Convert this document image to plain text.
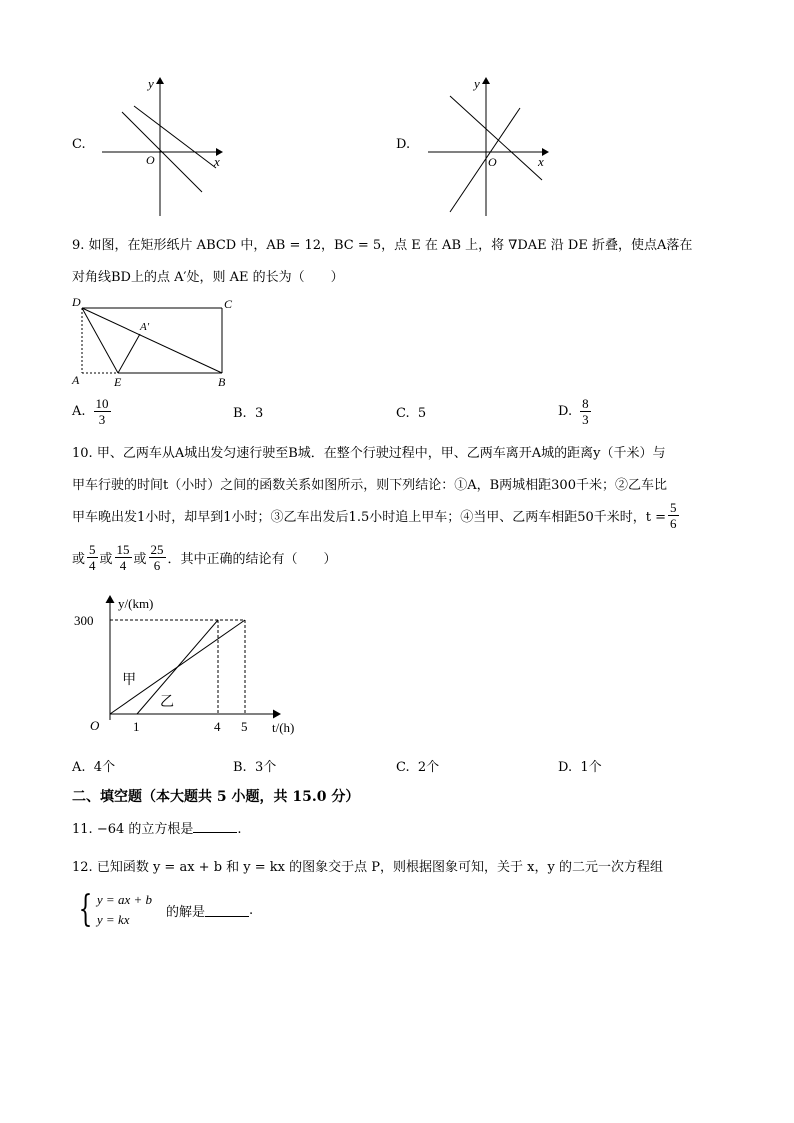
C.
O	x
y
D.
O	x
y
9. 如图，在矩形纸片 ABCD 中，AB = 12，BC = 5，点 E 在 AB 上，将 ∇DAE 沿 DE 折叠，使点A落在
对角线BD上的点 A′处，则 AE 的长为（　　）
D	C
A	E	B
A′
A. $\frac{10}{3}$	B. 3	C. 5	D. $\frac{8}{3}$
10. 甲、乙两车从A城出发匀速行驶至B城．在整个行驶过程中，甲、乙两车离开A城的距离y（千米）与
甲车行驶的时间t（小时）之间的函数关系如图所示，则下列结论：①A，B两城相距300千米；②乙车比
甲车晚出发1小时，却早到1小时；③乙车出发后1.5小时追上甲车；④当甲、乙两车相距50千米时，$t = \frac{5}{6}$
或 $\frac{5}{4}$ 或 $\frac{15}{4}$ 或 $\frac{25}{6}$ ．其中正确的结论有（　　）
甲
乙
1	4 5
300
y/(km)
t/(h)
O
A. 4个	B. 3个	C. 2个	D. 1个
二、填空题（本大题共 5 小题，共 15.0 分）
11. −64 的立方根是	.
12. 已知函数 y = ax + b 和 y = kx 的图象交于点 P，则根据图象可知，关于 x，y 的二元一次方程组
{ y = ax + b
y = kx	的解是	.
